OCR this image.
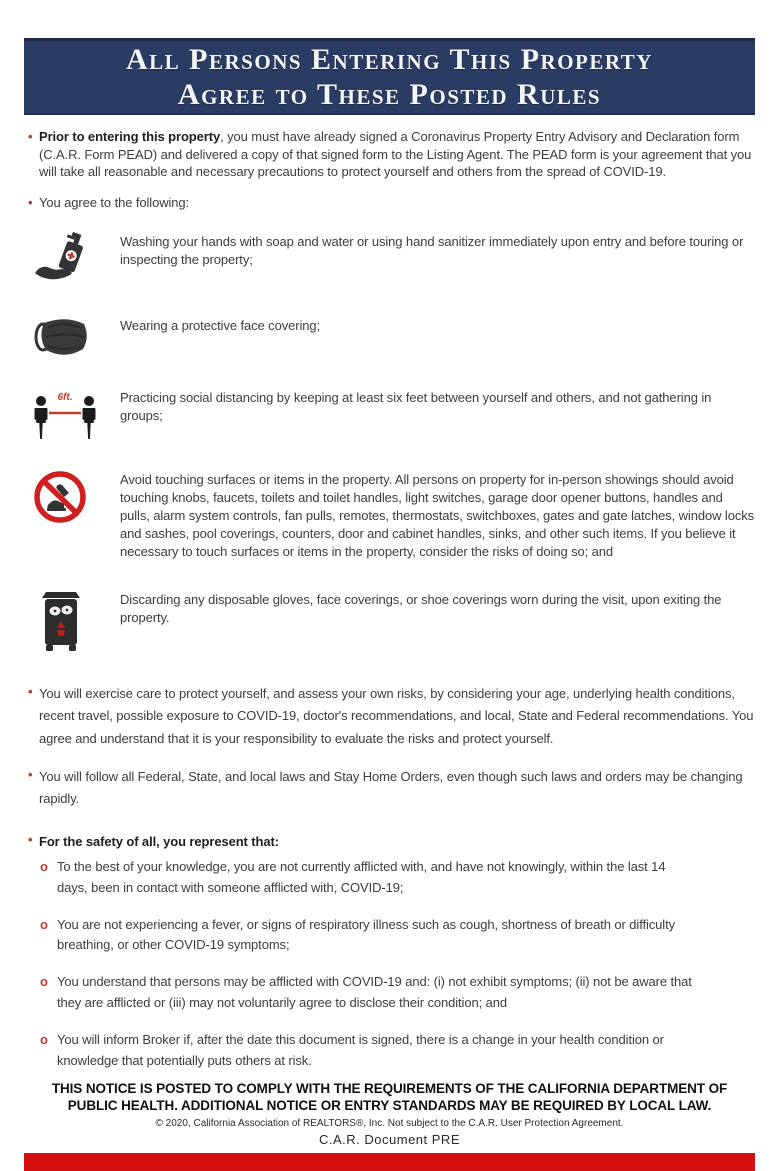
All Persons Entering This Property
Agree to These Posted Rules
• Prior to entering this property, you must have already signed a Coronavirus Property Entry Advisory and Declaration form (C.A.R. Form PEAD) and delivered a copy of that signed form to the Listing Agent. The PEAD form is your agreement that you will take all reasonable and necessary precautions to protect yourself and others from the spread of COVID-19.

• You agree to the following:

Washing your hands with soap and water or using hand sanitizer immediately upon entry and before touring or inspecting the property;

Wearing a protective face covering;

6ft.	Practicing social distancing by keeping at least six feet between yourself and others, and not gathering in groups;

Avoid touching surfaces or items in the property. All persons on property for in-person showings should avoid touching knobs, faucets, toilets and toilet handles, light switches, garage door opener buttons, handles and pulls, alarm system controls, fan pulls, remotes, thermostats, switchboxes, gates and gate latches, window locks and sashes, pool coverings, counters, door and cabinet handles, sinks, and other such items. If you believe it necessary to touch surfaces or items in the property, consider the risks of doing so; and

Discarding any disposable gloves, face coverings, or shoe coverings worn during the visit, upon exiting the property.

• You will exercise care to protect yourself, and assess your own risks, by considering your age, underlying health conditions, recent travel, possible exposure to COVID-19, doctor's recommendations, and local, State and Federal recommendations. You agree and understand that it is your responsibility to evaluate the risks and protect yourself.

• You will follow all Federal, State, and local laws and Stay Home Orders, even though such laws and orders may be changing rapidly.

• For the safety of all, you represent that:

o To the best of your knowledge, you are not currently afflicted with, and have not knowingly, within the last 14 days, been in contact with someone afflicted with, COVID-19;

o You are not experiencing a fever, or signs of respiratory illness such as cough, shortness of breath or difficulty breathing, or other COVID-19 symptoms;

o You understand that persons may be afflicted with COVID-19 and: (i) not exhibit symptoms; (ii) not be aware that they are afflicted or (iii) may not voluntarily agree to disclose their condition; and

o You will inform Broker if, after the date this document is signed, there is a change in your health condition or knowledge that potentially puts others at risk.

THIS NOTICE IS POSTED TO COMPLY WITH THE REQUIREMENTS OF THE CALIFORNIA DEPARTMENT OF
PUBLIC HEALTH. ADDITIONAL NOTICE OR ENTRY STANDARDS MAY BE REQUIRED BY LOCAL LAW.

© 2020, California Association of REALTORS®, Inc. Not subject to the C.A.R. User Protection Agreement.

C.A.R. Document PRE
